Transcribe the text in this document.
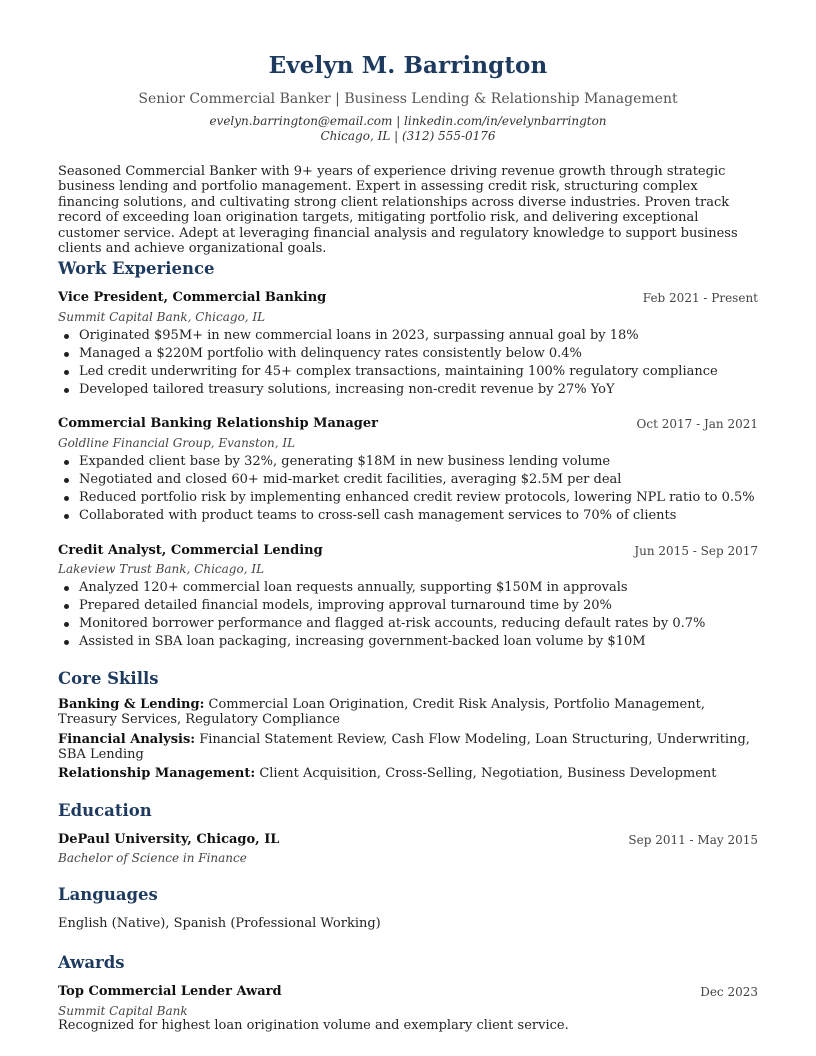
Evelyn M. Barrington
Senior Commercial Banker | Business Lending & Relationship Management
evelyn.barrington@email.com | linkedin.com/in/evelynbarrington
Chicago, IL | (312) 555-0176
Seasoned Commercial Banker with 9+ years of experience driving revenue growth through strategic business lending and portfolio management. Expert in assessing credit risk, structuring complex financing solutions, and cultivating strong client relationships across diverse industries. Proven track record of exceeding loan origination targets, mitigating portfolio risk, and delivering exceptional customer service. Adept at leveraging financial analysis and regulatory knowledge to support business clients and achieve organizational goals.
Work Experience
Vice President, Commercial Banking	Feb 2021 - Present
Summit Capital Bank, Chicago, IL
Originated $95M+ in new commercial loans in 2023, surpassing annual goal by 18%
Managed a $220M portfolio with delinquency rates consistently below 0.4%
Led credit underwriting for 45+ complex transactions, maintaining 100% regulatory compliance
Developed tailored treasury solutions, increasing non-credit revenue by 27% YoY
Commercial Banking Relationship Manager	Oct 2017 - Jan 2021
Goldline Financial Group, Evanston, IL
Expanded client base by 32%, generating $18M in new business lending volume
Negotiated and closed 60+ mid-market credit facilities, averaging $2.5M per deal
Reduced portfolio risk by implementing enhanced credit review protocols, lowering NPL ratio to 0.5%
Collaborated with product teams to cross-sell cash management services to 70% of clients
Credit Analyst, Commercial Lending	Jun 2015 - Sep 2017
Lakeview Trust Bank, Chicago, IL
Analyzed 120+ commercial loan requests annually, supporting $150M in approvals
Prepared detailed financial models, improving approval turnaround time by 20%
Monitored borrower performance and flagged at-risk accounts, reducing default rates by 0.7%
Assisted in SBA loan packaging, increasing government-backed loan volume by $10M
Core Skills
Banking & Lending: Commercial Loan Origination, Credit Risk Analysis, Portfolio Management, Treasury Services, Regulatory Compliance
Financial Analysis: Financial Statement Review, Cash Flow Modeling, Loan Structuring, Underwriting, SBA Lending
Relationship Management: Client Acquisition, Cross-Selling, Negotiation, Business Development
Education
DePaul University, Chicago, IL	Sep 2011 - May 2015
Bachelor of Science in Finance
Languages
English (Native), Spanish (Professional Working)
Awards
Top Commercial Lender Award	Dec 2023
Summit Capital Bank
Recognized for highest loan origination volume and exemplary client service.
